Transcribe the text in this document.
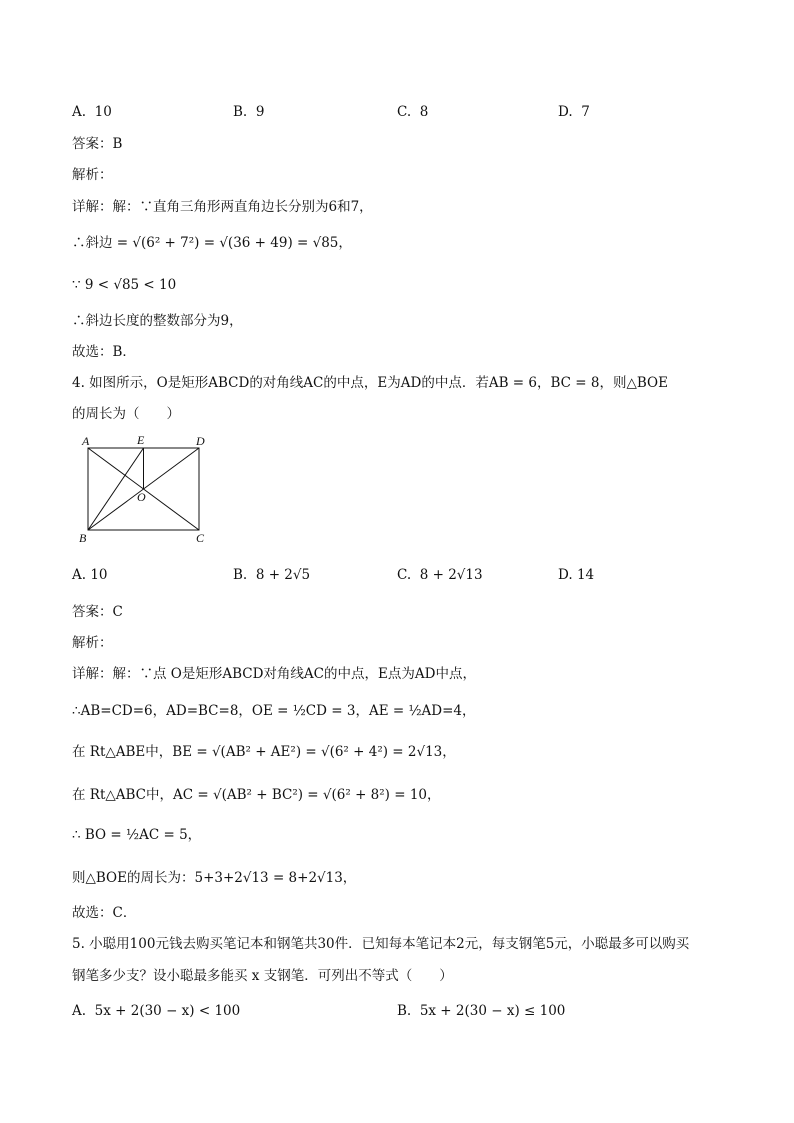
A. 10	B. 9	C. 8	D. 7
答案：B
解析：
详解：解：∵直角三角形两直角边长分别为6和7，
∴斜边 = √(6² + 7²) = √(36 + 49) = √85，
∵ 9 < √85 < 10
∴斜边长度的整数部分为9，
故选：B．
4. 如图所示，O是矩形ABCD的对角线AC的中点，E为AD的中点．若AB = 6，BC = 8，则△BOE
的周长为（　　）
A	E	D
O
B	C
A. 10	B. 8 + 2√5	C. 8 + 2√13	D. 14
答案：C
解析：
详解：解：∵点 O是矩形ABCD对角线AC的中点，E点为AD中点，
∴AB=CD=6，AD=BC=8，OE = ½CD = 3，AE = ½AD=4，
在 Rt△ABE中，BE = √(AB² + AE²) = √(6² + 4²) = 2√13，
在 Rt△ABC中，AC = √(AB² + BC²) = √(6² + 8²) = 10，
∴ BO = ½AC = 5，
则△BOE的周长为：5+3+2√13 = 8+2√13，
故选：C．
5. 小聪用100元钱去购买笔记本和钢笔共30件．已知每本笔记本2元，每支钢笔5元，小聪最多可以购买
钢笔多少支？设小聪最多能买 x 支钢笔．可列出不等式（　　）
A. 5x + 2(30 − x) < 100	B. 5x + 2(30 − x) ≤ 100
